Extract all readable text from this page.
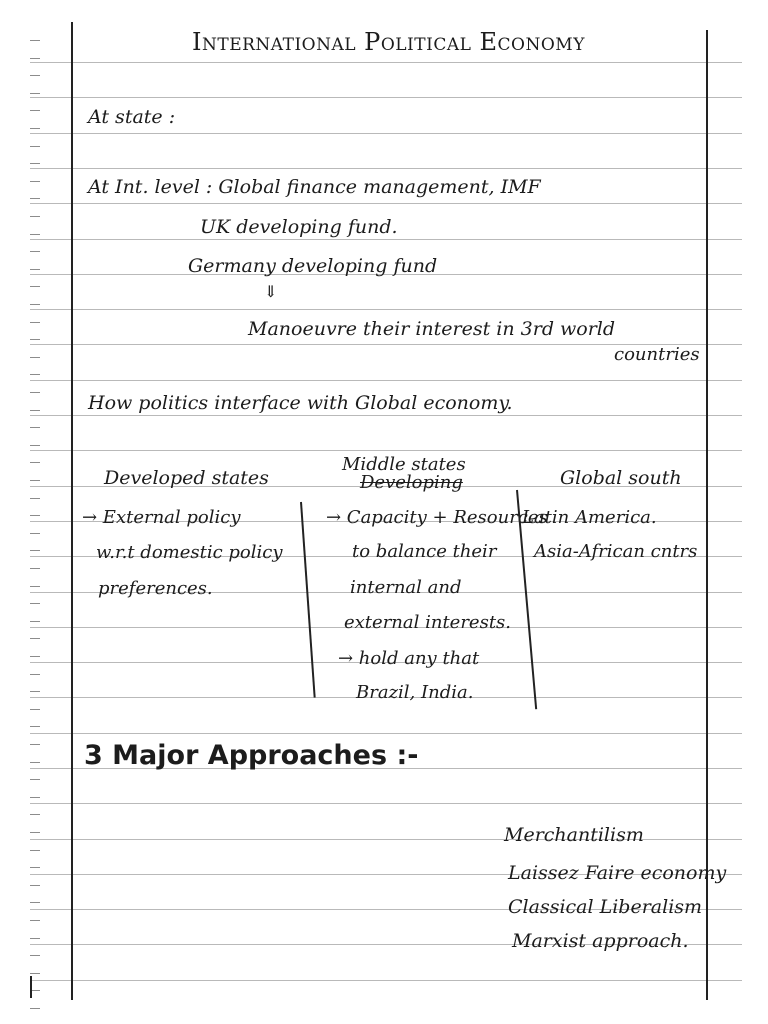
International Political Economy
At state :
At Int. level : Global finance management, IMF
UK developing fund.
Germany developing fund
⇓
Manoeuvre their interest in 3rd world
countries
How politics interface with Global economy.
Developed states
→ External policy
w.r.t domestic policy
preferences.
Middle states
Developing
→ Capacity + Resources
to balance their
internal and
external interests.
→ hold any that
Brazil, India.
Global south
Latin America.
Asia-African cntrs
3 Major Approaches :-
Merchantilism
Laissez Faire economy
Classical Liberalism
Marxist approach.
